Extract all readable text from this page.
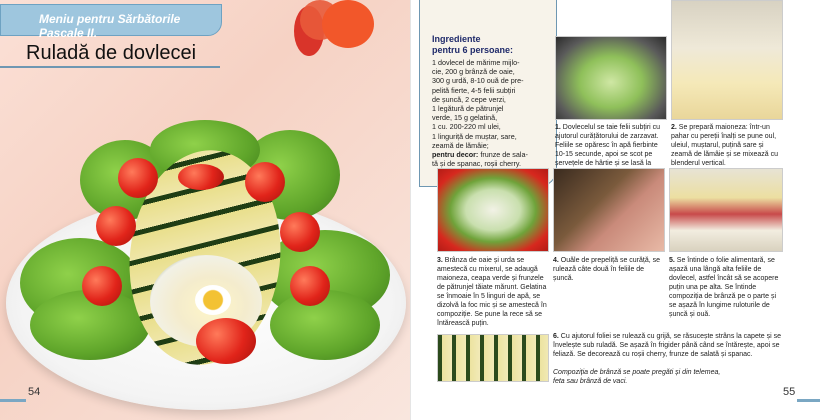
Meniu pentru Sărbătorile Pascale II.
Ruladă de dovlecei
54
Ingrediente
pentru 6 persoane:
1 dovlecel de mărime mijlo-
cie, 200 g brânză de oaie,
300 g urdă, 8-10 ouă de pre-
pelită fierte, 4-5 felii subțiri
de șuncă, 2 cepe verzi,
1 legătură de pătrunjel
verde, 15 g gelatină,
1 cu. 200-220 ml ulei,
1 linguriță de muștar, sare,
zeamă de lămâie;
pentru decor: frunze de sala-
tă și de spanac, roșii cherry.
1. Dovlecelul se taie felii subțiri cu ajutorul curățătorului de zarzavat. Feliile se opăresc în apă fierbinte 10-15 secunde, apoi se scot pe șervețele de hârtie și se lasă la
2. Se prepară maioneza: într-un pahar cu pereții înalți se pune oul, uleiul, muștarul, puțină sare și zeamă de lămâie și se mixează cu blenderul vertical.
3. Brânza de oaie și urda se amestecă cu mixerul, se adaugă maioneza, ceapa verde și frunzele de pătrunjel tăiate mărunt. Gelatina se înmoaie în 5 linguri de apă, se dizolvă la foc mic și se amestecă în compoziție. Se pune la rece să se întărească puțin.
4. Ouăle de prepeliță se curăță, se rulează câte două în feliile de șuncă.
5. Se întinde o folie alimentară, se așază una lângă alta feliile de dovlecel, astfel încât să se acopere puțin una pe alta. Se întinde compoziția de brânză pe o parte și se așază în lungime ruloturile de șuncă și ouă.
6. Cu ajutorul foliei se rulează cu grijă, se răsucește strâns la capete și se învelește sub ruladă. Se așază în frigider până când se întărește, apoi se feliază. Se decorează cu roșii cherry, frunze de salată și spanac.
Compoziția de brânză se poate pregăti și din telemea,
feta sau brânză de vaci.
55
